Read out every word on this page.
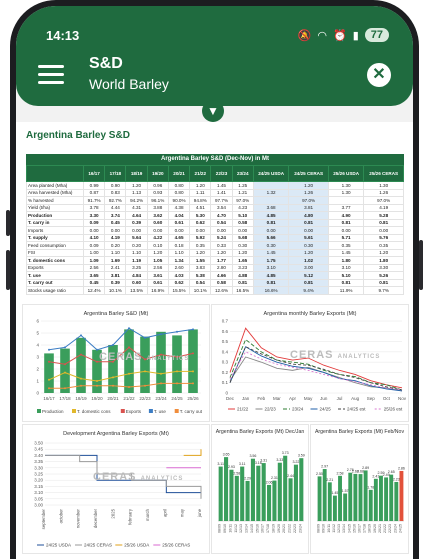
14:13	🔕 ◠ ⏰ ▮	77
S&D
World Barley
✕
Argentina Barley S&D
Argentina Barley S&D (Dec-Nov) in Mt
	16/17	17/18	18/19	19/20	20/21	21/22	22/23	23/24	24/25 USDA	24/25 CERAS	25/26 USDA	25/26 CERAS
Area planted (Mha)	0.99	0.90	1.20	0.96	0.80	1.20	1.45	1.25		1.20	1.30	1.30
Area harvested (Mha)	0.87	0.83	1.13	0.93	0.80	1.11	1.41	1.21	1.32	1.26	1.30	1.26
% harvested	91.7%	92.7%	94.2%	96.1%	90.0%	94.8%	97.7%	97.0%		97.0%		97.0%
Yield (t/ha)	3.78	4.44	4.31	3.88	4.38	4.51	3.54	4.23	3.68	3.81	3.77	4.19
Production	3.30	3.74	4.64	3.62	4.04	5.30	4.70	5.10	4.85	4.80	4.90	5.28
T. carry in	0.09	0.45	0.39	0.60	0.61	0.62	0.54	0.58	0.81	0.81	0.81	0.81
Imports	0.00	0.00	0.00	0.00	0.00	0.00	0.00	0.00	0.00	0.00	0.00	0.00
T. supply	4.10	4.19	5.64	4.22	4.65	5.92	5.24	5.68	5.66	5.61	5.71	5.76
Feed consumption	0.09	0.20	0.20	0.10	0.18	0.35	0.33	0.30	0.30	0.30	0.35	0.35
FSI	1.00	1.10	1.10	1.20	1.10	1.20	1.20	1.20	1.45	1.20	1.45	1.20
T. domestic cons	1.09	1.69	1.19	1.05	1.34	1.55	1.77	1.65	1.75	1.02	1.80	1.80
Exports	2.56	2.41	3.25	2.56	2.60	3.83	2.80	3.23	3.10	3.00	3.10	3.30
T. use	3.65	3.81	4.84	3.61	4.03	5.38	4.66	4.88	4.85	5.12	5.10	5.26
T. carry out	0.45	0.39	0.60	0.61	0.62	0.54	0.58	0.81	0.81	0.81	0.81	0.81
Stocks usage ratio	12.4%	10.1%	13.5%	16.9%	15.5%	10.1%	12.6%	16.5%	16.6%	9.4%	11.9%	9.7%
Argentina Barley S&D (Mt)
0
1
2
3
4
5
6
16/17 17/18 18/19 19/20 20/21 21/22 22/23 23/24 24/25 25/26
Production	T. domestic cons	Exports	T. use	T. carry out
CERAS ANALYTICS
Argentina monthly Barley Exports (Mt)
0
0.1
0.2
0.3
0.4
0.5
0.6
0.7
Dec Jan Feb Mar Apr May Jun Jul Aug Sep Oct Nov
21/22	22/23	23/24	24/25	24/25 est	25/26 est
CERAS ANALYTICS
Development Argentina Barley Exports (Mt)
3.00
3.05
3.10
3.15
3.20
3.25
3.30
3.35
3.40
3.45
3.50
september	october	november	december	2025	february	march	april	may	june
24/25 USDA	24/25 CERAS	25/26 USDA	25/26 CERAS
CERAS ANALYTICS
Argentina Barley Exports (Mt) Dec/Jan
3.11
3.65
2.93
2.58
3.11
2.29
3.56
3.16
3.31
2.06
2.31
3.33
3.73
2.44
3.22
3.59
08/09 09/10 10/11 11/12 12/13 13/14 14/15 15/16 16/17 17/18 18/19 19/20 20/21 21/22 22/23 23/24
Argentina Barley Exports (Mt) Feb/Nov
2.55
2.97
2.21
1.45
2.58
1.57
2.76
2.69
2.68
2.89
1.78
2.41
2.59
2.49
2.65
2.23
2.86
08/09 09/10 10/11 11/12 12/13 13/14 14/15 15/16 16/17 17/18 18/19 19/20 20/21 21/22 22/23 23/24 24/25
▼
